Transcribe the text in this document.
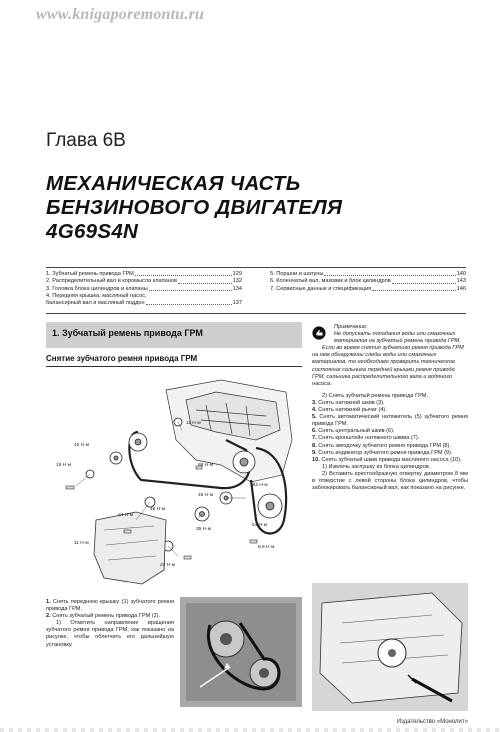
www.knigaporemontu.ru
Глава 6В
МЕХАНИЧЕСКАЯ ЧАСТЬ
БЕНЗИНОВОГО ДВИГАТЕЛЯ
4G69S4N
1. Зубчатый ремень привода ГРМ	129
2. Распределительный вал и коромысла клапанов	132
3. Головка блока цилиндров и клапаны	134
4. Передняя крышка, масляный насос,
балансирный вал и масляный поддон	137
5. Поршни и шатуны	140
6. Коленчатый вал, маховик и блок цилиндров	143
7. Сервисные данные и спецификация	146
1. Зубчатый ремень привода ГРМ
Снятие зубчатого ремня привода ГРМ
11 Н·м
45 Н·м
19 Н·м	88 Н·м
182 Н·м
48 Н·м
45 Н·м
24 Н·м
54 Н·м
8,8 Н·м
35 Н·м
22 Н·м
11 Н·м
Примечание:
Не допускать попадания воды или смазочных материалов на зубчатый ремень привода ГРМ.
Если во время снятия зубчатого ремня привода ГРМ на нем обнаружены следы воды или смазочных материалов, то необходимо проверить техническое состояние сальника передней крышки ремня привода ГРМ, сальника распределительного вала и водяного насоса.
2) Снять зубчатый ремень привода ГРМ.
3. Снять натяжной шкив (3).
4. Снять натяжной рычаг (4).
5. Снять автоматический натяжитель (5) зубчатого ремня привода ГРМ.
6. Снять центральный шкив (6).
7. Снять кронштейн натяжного шкива (7).
8. Снять звездочку зубчатого ремня привода ГРМ (8).
9. Снять индикатор зубчатого ремня привода ГРМ (9).
10. Снять зубчатый шкив привода масляного насоса (10).
1) Извлечь заглушку из блока цилиндров.
2) Вставить крестообразную отвертку диаметром 8 мм в отверстие с левой стороны блока цилиндров, чтобы заблокировать балансирный вал, как показано на рисунке.
1. Снять переднюю крышку (1) зубчатого ремня привода ГРМ.
2. Снять зубчатый ремень привода ГРМ (2).
1) Отметить направление вращения зубчатого ремня привода ГРМ, как показано на рисунке, чтобы облегчить его дальнейшую установку.
Издательство «Монолит»
